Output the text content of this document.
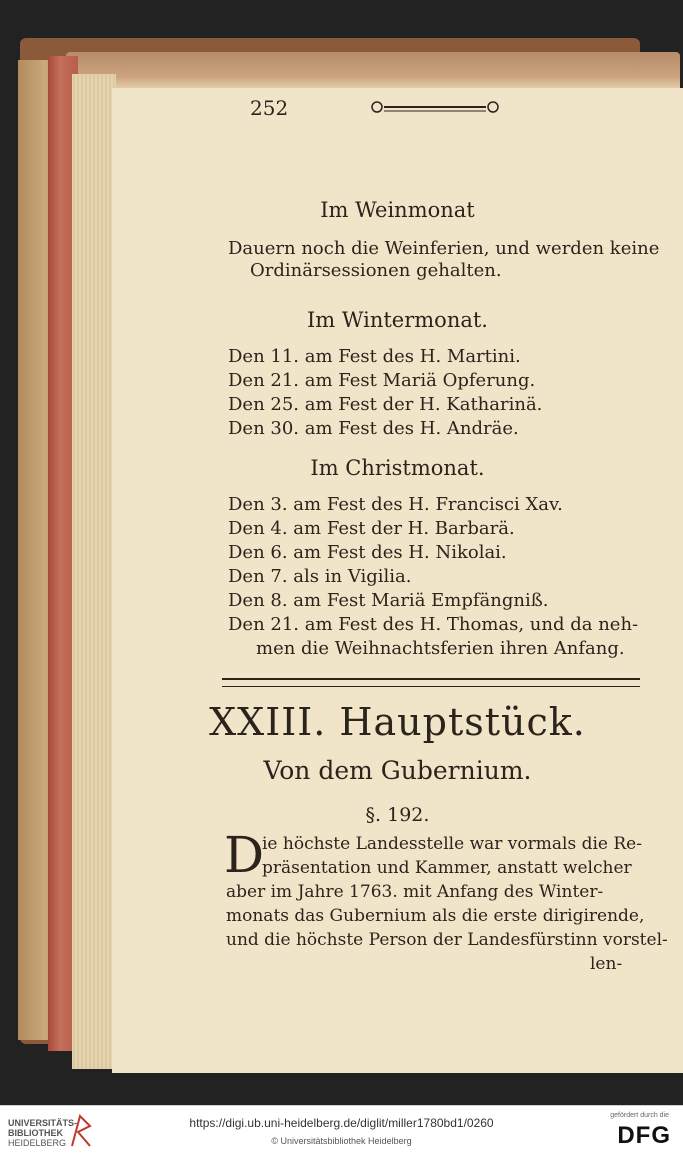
252

Im Weinmonat

Dauern noch die Weinferien, und werden keine

Ordinärsessionen gehalten.

Im Wintermonat.

Den 11. am Fest des H. Martini.

Den 21. am Fest Mariä Opferung.

Den 25. am Fest der H. Katharinä.

Den 30. am Fest des H. Andräe.

Im Christmonat.

Den 3. am Fest des H. Francisci Xav.

Den 4. am Fest der H. Barbarä.

Den 6. am Fest des H. Nikolai.

Den 7. als in Vigilia.

Den 8. am Fest Mariä Empfängniß.

Den 21. am Fest des H. Thomas, und da neh-

men die Weihnachtsferien ihren Anfang.

XXIII. Hauptstück.

Von dem Gubernium.

§. 192.

D

ie höchste Landesstelle war vormals die Re-

präsentation und Kammer, anstatt welcher

aber im Jahre 1763. mit Anfang des Winter-

monats das Gubernium als die erste dirigirende,

und die höchste Person der Landesfürstinn vorstel-

len-

UNIVERSITÄTS-
BIBLIOTHEK
HEIDELBERG
https://digi.ub.uni-heidelberg.de/diglit/miller1780bd1/0260
© Universitätsbibliothek Heidelberg
gefördert durch die
DFG
